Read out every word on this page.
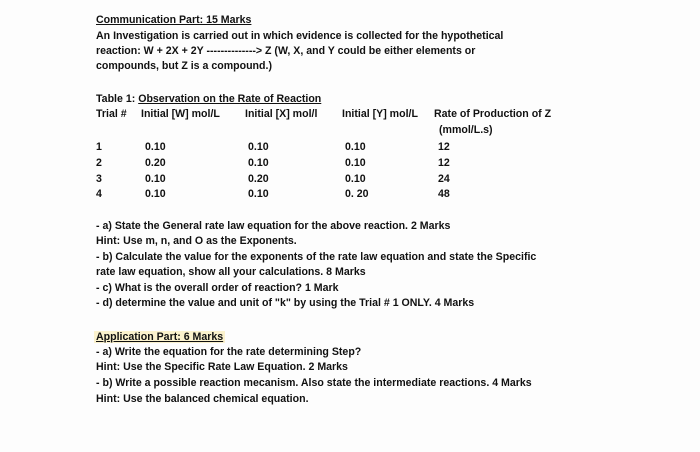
Communication Part: 15 Marks
An Investigation is carried out in which evidence is collected for the hypothetical
reaction: W + 2X + 2Y --------------> Z (W, X, and Y could be either elements or
compounds, but Z is a compound.)
Table 1: Observation on the Rate of Reaction
Trial # Initial [W] mol/L Initial [X] mol/l Initial [Y] mol/L Rate of Production of Z
(mmol/L.s)
1	0.10	0.10	0.10	12
2	0.20	0.10	0.10	12
3	0.10	0.20	0.10	24
4	0.10	0.10	0. 20	48
- a) State the General rate law equation for the above reaction. 2 Marks
Hint: Use m, n, and O as the Exponents.
- b) Calculate the value for the exponents of the rate law equation and state the Specific
rate law equation, show all your calculations. 8 Marks
- c) What is the overall order of reaction? 1 Mark
- d) determine the value and unit of "k" by using the Trial # 1 ONLY. 4 Marks
Application Part: 6 Marks
- a) Write the equation for the rate determining Step?
Hint: Use the Specific Rate Law Equation. 2 Marks
- b) Write a possible reaction mecanism. Also state the intermediate reactions. 4 Marks
Hint: Use the balanced chemical equation.
